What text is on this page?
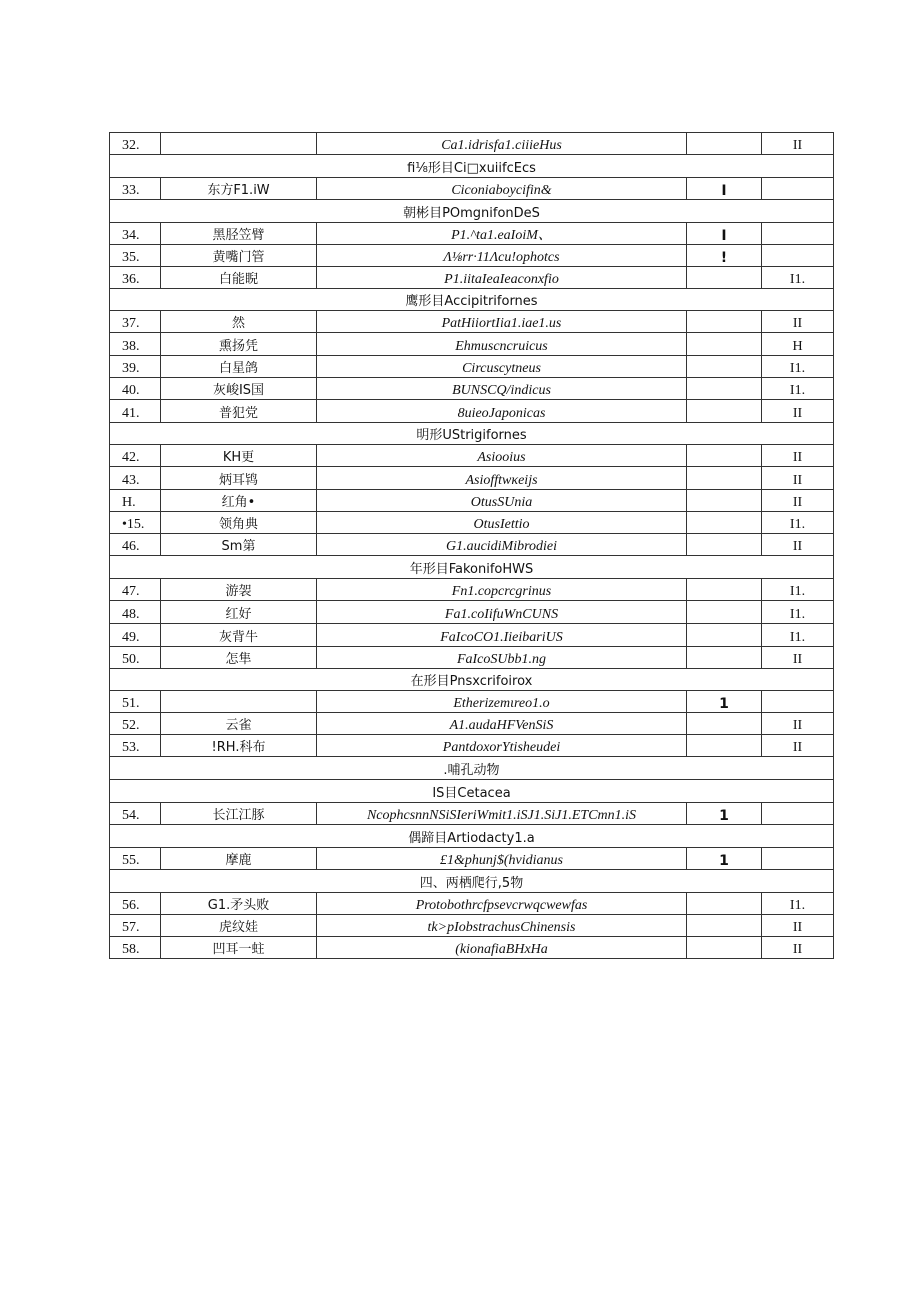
32.		Ca1.idrisfa1.ciiieHus		II
fi⅛形目Ci□xuiifcEcs				
33.	东方F1.iW	Ciconiaboycifin&	I	
朝彬目POmgnifonDeS				
34.	黑胫笠臂	P1.^ta1.eaIoiM、	I	
35.	黄嘴门管	Λ⅛rr·11Λcu!ophotcs	!	
36.	白能睨	P1.iitaIeaIeaconxfio		I1.
鹰形目Accipitrifornes				
37.	然	PatHiiortIia1.iae1.us		II
38.	熏扬凭	Ehmuscncruicus		H
39.	白星鸽	Circuscytneus		I1.
40.	灰峻IS国	BUNSCQ/indicus		I1.
41.	普犯党	8uieoJaponicas		II
明形UStrigifornes				
42.	KH更	Asiooius		II
43.	炳耳鸨	Asiofftwκeijs		II
H.	红角•	OtusSUnia		II
•15.	领角典	OtusIettio		I1.
46.	Sm第	G1.aucidiMibrodiei		II
年形目FakonifoHWS				
47.	游袈	Fn1.copcrcgrinus		I1.
48.	红好	Fa1.coIifuWnCUNS		I1.
49.	灰背牛	FaIcoCO1.IieibariUS		I1.
50.	怎隼	FaIcoSUbb1.ng		II
在形目Pnsxcrifoirox				
51.		Etherizemιreo1.o	1	
52.	云雀	A1.audaHFVenSiS		II
53.	!RH.科布	PantdoxorYtisheudei		II
.哺孔动物				
IS目Cetacea				
54.	长江江豚	NcophcsnnNSiSIeriWmit1.iSJ1.SiJ1.ETCmn1.iS	1	
偶蹄目Artiodacty1.a				
55.	摩鹿	£1&phunj$(hvidianus	1	
四、两栖爬行,5物				
56.	G1.矛头败	Protobothrcfpsevcrwqcwewfas		I1.
57.	虎纹娃	tk>pIobstrachusChinensis		II
58.	凹耳一蛀	(kionafiaBHxHa		II
